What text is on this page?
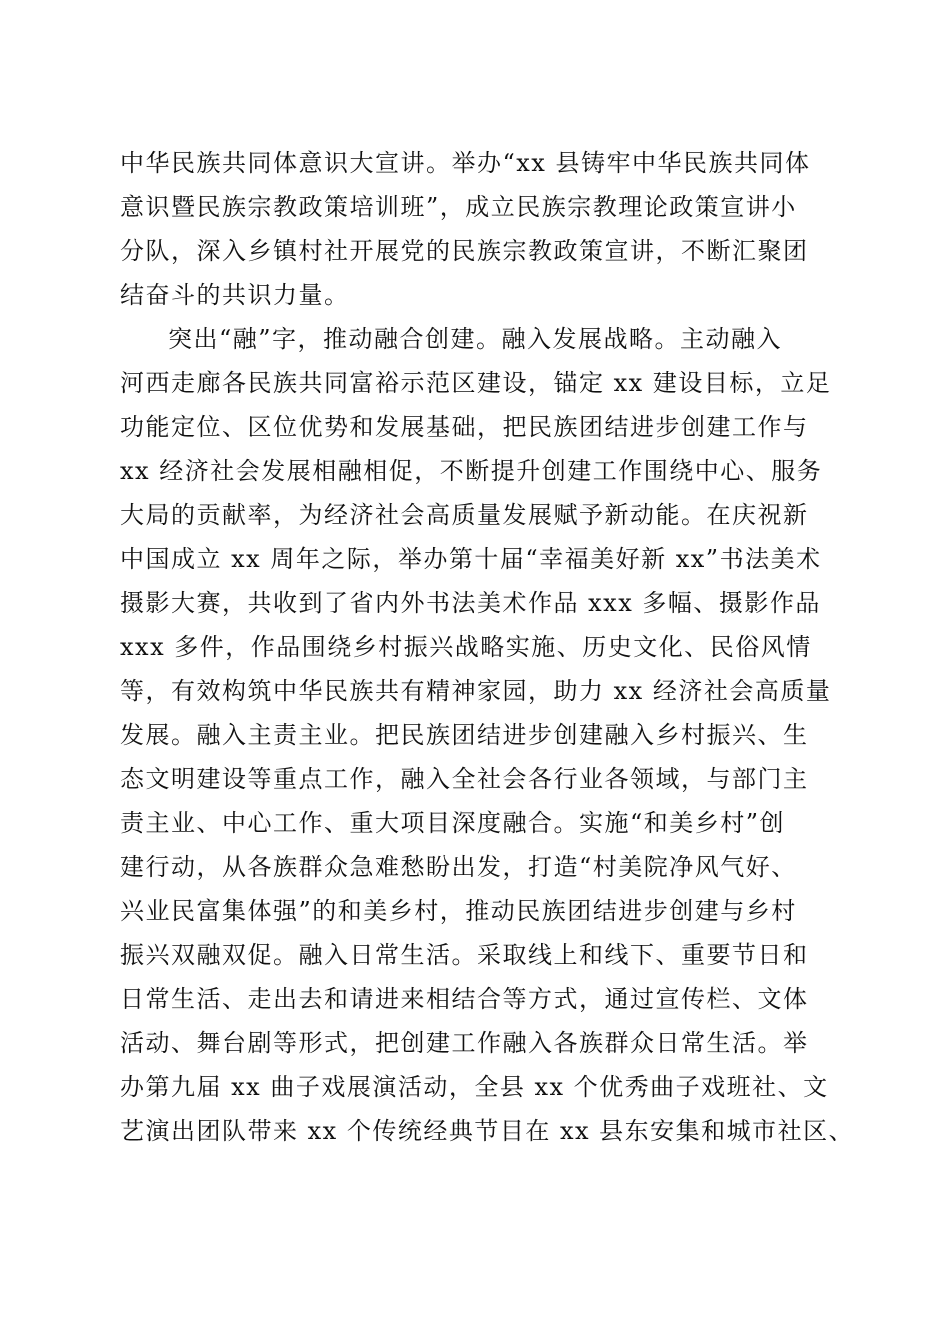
中华民族共同体意识大宣讲。举办“xx 县铸牢中华民族共同体
意识暨民族宗教政策培训班”，成立民族宗教理论政策宣讲小
分队，深入乡镇村社开展党的民族宗教政策宣讲，不断汇聚团
结奋斗的共识力量。
突出“融”字，推动融合创建。融入发展战略。主动融入
河西走廊各民族共同富裕示范区建设，锚定 xx 建设目标，立足
功能定位、区位优势和发展基础，把民族团结进步创建工作与
xx 经济社会发展相融相促，不断提升创建工作围绕中心、服务
大局的贡献率，为经济社会高质量发展赋予新动能。在庆祝新
中国成立 xx 周年之际，举办第十届“幸福美好新 xx”书法美术
摄影大赛，共收到了省内外书法美术作品 xxx 多幅、摄影作品
xxx 多件，作品围绕乡村振兴战略实施、历史文化、民俗风情
等，有效构筑中华民族共有精神家园，助力 xx 经济社会高质量
发展。融入主责主业。把民族团结进步创建融入乡村振兴、生
态文明建设等重点工作，融入全社会各行业各领域，与部门主
责主业、中心工作、重大项目深度融合。实施“和美乡村”创
建行动，从各族群众急难愁盼出发，打造“村美院净风气好、
兴业民富集体强”的和美乡村，推动民族团结进步创建与乡村
振兴双融双促。融入日常生活。采取线上和线下、重要节日和
日常生活、走出去和请进来相结合等方式，通过宣传栏、文体
活动、舞台剧等形式，把创建工作融入各族群众日常生活。举
办第九届 xx 曲子戏展演活动，全县 xx 个优秀曲子戏班社、文
艺演出团队带来 xx 个传统经典节目在 xx 县东安集和城市社区、
